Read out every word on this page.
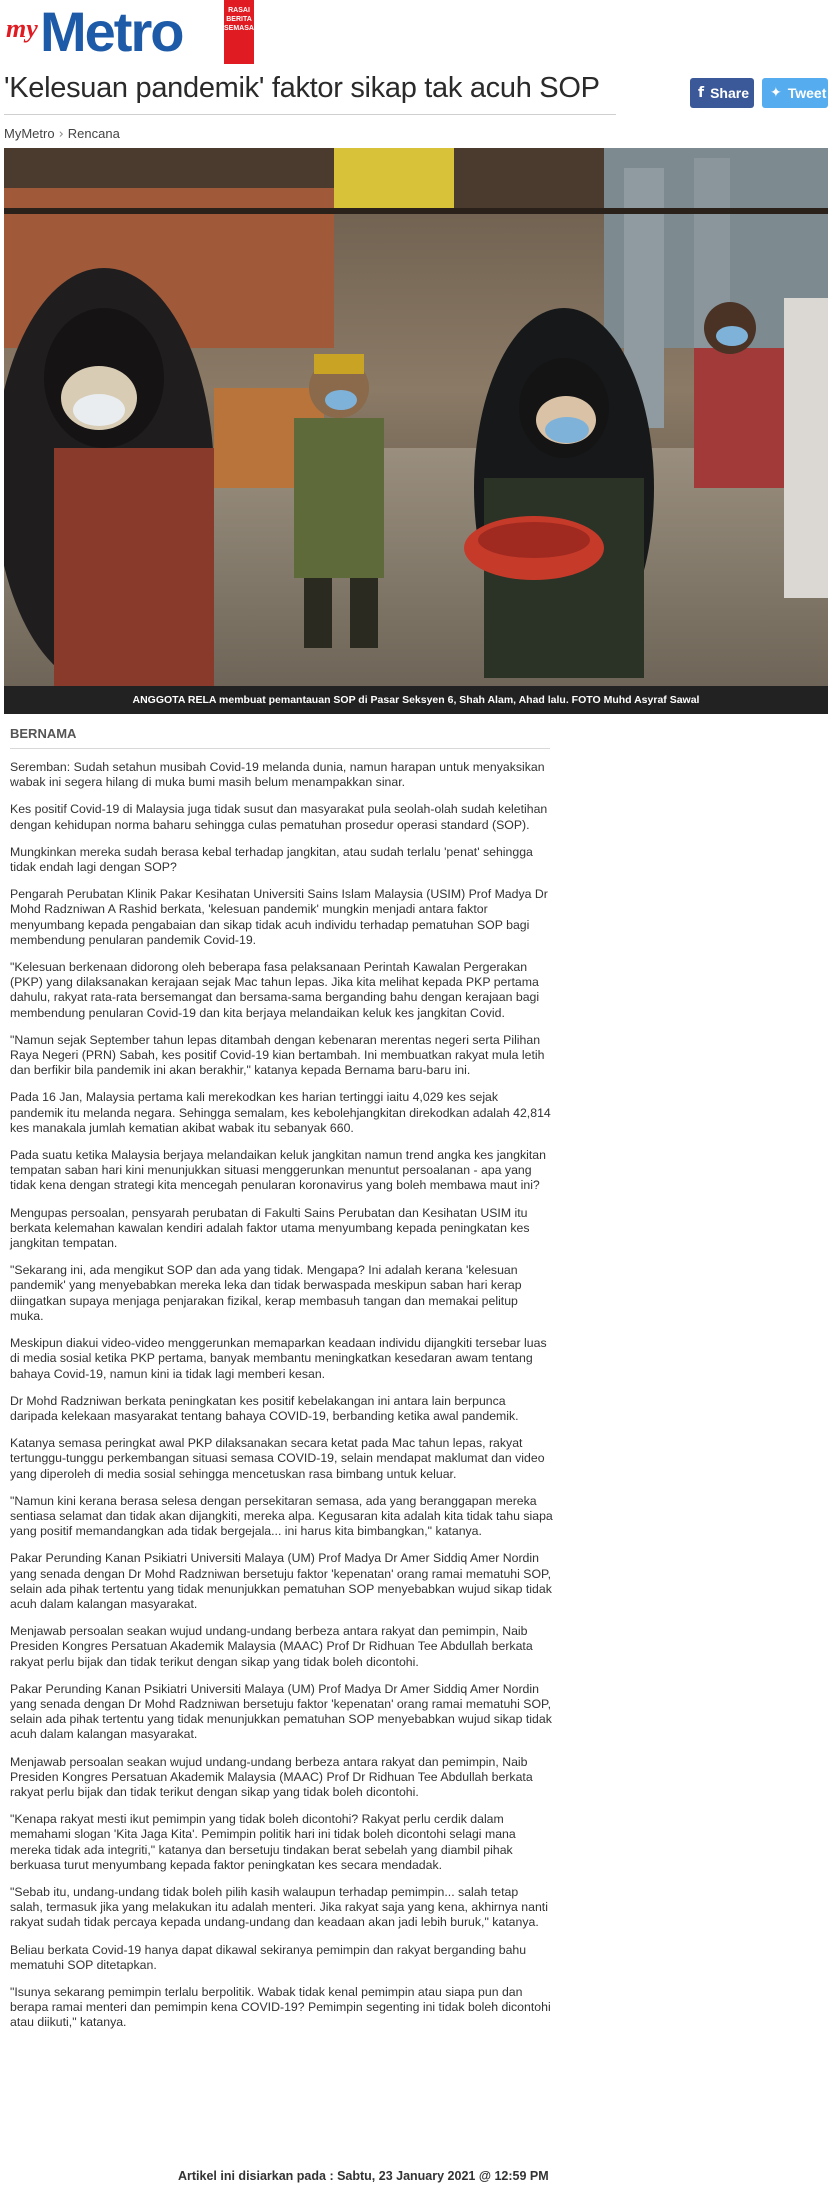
my Metro	RASAI BERITA SEMASA
'Kelesuan pandemik' faktor sikap tak acuh SOP	f Share ✦ Tweet
MyMetro › Rencana
ANGGOTA RELA membuat pemantauan SOP di Pasar Seksyen 6, Shah Alam, Ahad lalu. FOTO Muhd Asyraf Sawal
BERNAMA

Seremban: Sudah setahun musibah Covid-19 melanda dunia, namun harapan untuk menyaksikan wabak ini segera hilang di muka bumi masih belum menampakkan sinar.

Kes positif Covid-19 di Malaysia juga tidak susut dan masyarakat pula seolah-olah sudah keletihan dengan kehidupan norma baharu sehingga culas pematuhan prosedur operasi standard (SOP).

Mungkinkan mereka sudah berasa kebal terhadap jangkitan, atau sudah terlalu 'penat' sehingga tidak endah lagi dengan SOP?

Pengarah Perubatan Klinik Pakar Kesihatan Universiti Sains Islam Malaysia (USIM) Prof Madya Dr Mohd Radzniwan A Rashid berkata, 'kelesuan pandemik' mungkin menjadi antara faktor menyumbang kepada pengabaian dan sikap tidak acuh individu terhadap pematuhan SOP bagi membendung penularan pandemik Covid-19.

"Kelesuan berkenaan didorong oleh beberapa fasa pelaksanaan Perintah Kawalan Pergerakan (PKP) yang dilaksanakan kerajaan sejak Mac tahun lepas. Jika kita melihat kepada PKP pertama dahulu, rakyat rata-rata bersemangat dan bersama-sama berganding bahu dengan kerajaan bagi membendung penularan Covid-19 dan kita berjaya melandaikan keluk kes jangkitan Covid.

"Namun sejak September tahun lepas ditambah dengan kebenaran merentas negeri serta Pilihan Raya Negeri (PRN) Sabah, kes positif Covid-19 kian bertambah. Ini membuatkan rakyat mula letih dan berfikir bila pandemik ini akan berakhir," katanya kepada Bernama baru-baru ini.

Pada 16 Jan, Malaysia pertama kali merekodkan kes harian tertinggi iaitu 4,029 kes sejak pandemik itu melanda negara. Sehingga semalam, kes kebolehjangkitan direkodkan adalah 42,814 kes manakala jumlah kematian akibat wabak itu sebanyak 660.

Pada suatu ketika Malaysia berjaya melandaikan keluk jangkitan namun trend angka kes jangkitan tempatan saban hari kini menunjukkan situasi menggerunkan menuntut persoalanan - apa yang tidak kena dengan strategi kita mencegah penularan koronavirus yang boleh membawa maut ini?

Mengupas persoalan, pensyarah perubatan di Fakulti Sains Perubatan dan Kesihatan USIM itu berkata kelemahan kawalan kendiri adalah faktor utama menyumbang kepada peningkatan kes jangkitan tempatan.

"Sekarang ini, ada mengikut SOP dan ada yang tidak. Mengapa? Ini adalah kerana 'kelesuan pandemik' yang menyebabkan mereka leka dan tidak berwaspada meskipun saban hari kerap diingatkan supaya menjaga penjarakan fizikal, kerap membasuh tangan dan memakai pelitup muka.

Meskipun diakui video-video menggerunkan memaparkan keadaan individu dijangkiti tersebar luas di media sosial ketika PKP pertama, banyak membantu meningkatkan kesedaran awam tentang bahaya Covid-19, namun kini ia tidak lagi memberi kesan.

Dr Mohd Radzniwan berkata peningkatan kes positif kebelakangan ini antara lain berpunca daripada kelekaan masyarakat tentang bahaya COVID-19, berbanding ketika awal pandemik.

Katanya semasa peringkat awal PKP dilaksanakan secara ketat pada Mac tahun lepas, rakyat tertunggu-tunggu perkembangan situasi semasa COVID-19, selain mendapat maklumat dan video yang diperoleh di media sosial sehingga mencetuskan rasa bimbang untuk keluar.

"Namun kini kerana berasa selesa dengan persekitaran semasa, ada yang beranggapan mereka sentiasa selamat dan tidak akan dijangkiti, mereka alpa. Kegusaran kita adalah kita tidak tahu siapa yang positif memandangkan ada tidak bergejala... ini harus kita bimbangkan," katanya.

Pakar Perunding Kanan Psikiatri Universiti Malaya (UM) Prof Madya Dr Amer Siddiq Amer Nordin yang senada dengan Dr Mohd Radzniwan bersetuju faktor 'kepenatan' orang ramai mematuhi SOP, selain ada pihak tertentu yang tidak menunjukkan pematuhan SOP menyebabkan wujud sikap tidak acuh dalam kalangan masyarakat.

Menjawab persoalan seakan wujud undang-undang berbeza antara rakyat dan pemimpin, Naib Presiden Kongres Persatuan Akademik Malaysia (MAAC) Prof Dr Ridhuan Tee Abdullah berkata rakyat perlu bijak dan tidak terikut dengan sikap yang tidak boleh dicontohi.

Pakar Perunding Kanan Psikiatri Universiti Malaya (UM) Prof Madya Dr Amer Siddiq Amer Nordin yang senada dengan Dr Mohd Radzniwan bersetuju faktor 'kepenatan' orang ramai mematuhi SOP, selain ada pihak tertentu yang tidak menunjukkan pematuhan SOP menyebabkan wujud sikap tidak acuh dalam kalangan masyarakat.

Menjawab persoalan seakan wujud undang-undang berbeza antara rakyat dan pemimpin, Naib Presiden Kongres Persatuan Akademik Malaysia (MAAC) Prof Dr Ridhuan Tee Abdullah berkata rakyat perlu bijak dan tidak terikut dengan sikap yang tidak boleh dicontohi.

"Kenapa rakyat mesti ikut pemimpin yang tidak boleh dicontohi? Rakyat perlu cerdik dalam memahami slogan 'Kita Jaga Kita'. Pemimpin politik hari ini tidak boleh dicontohi selagi mana mereka tidak ada integriti," katanya dan bersetuju tindakan berat sebelah yang diambil pihak berkuasa turut menyumbang kepada faktor peningkatan kes secara mendadak.

"Sebab itu, undang-undang tidak boleh pilih kasih walaupun terhadap pemimpin... salah tetap salah, termasuk jika yang melakukan itu adalah menteri. Jika rakyat saja yang kena, akhirnya nanti rakyat sudah tidak percaya kepada undang-undang dan keadaan akan jadi lebih buruk," katanya.

Beliau berkata Covid-19 hanya dapat dikawal sekiranya pemimpin dan rakyat berganding bahu mematuhi SOP ditetapkan.

"Isunya sekarang pemimpin terlalu berpolitik. Wabak tidak kenal pemimpin atau siapa pun dan berapa ramai menteri dan pemimpin kena COVID-19? Pemimpin segenting ini tidak boleh dicontohi atau diikuti," katanya.

Artikel ini disiarkan pada : Sabtu, 23 January 2021 @ 12:59 PM
